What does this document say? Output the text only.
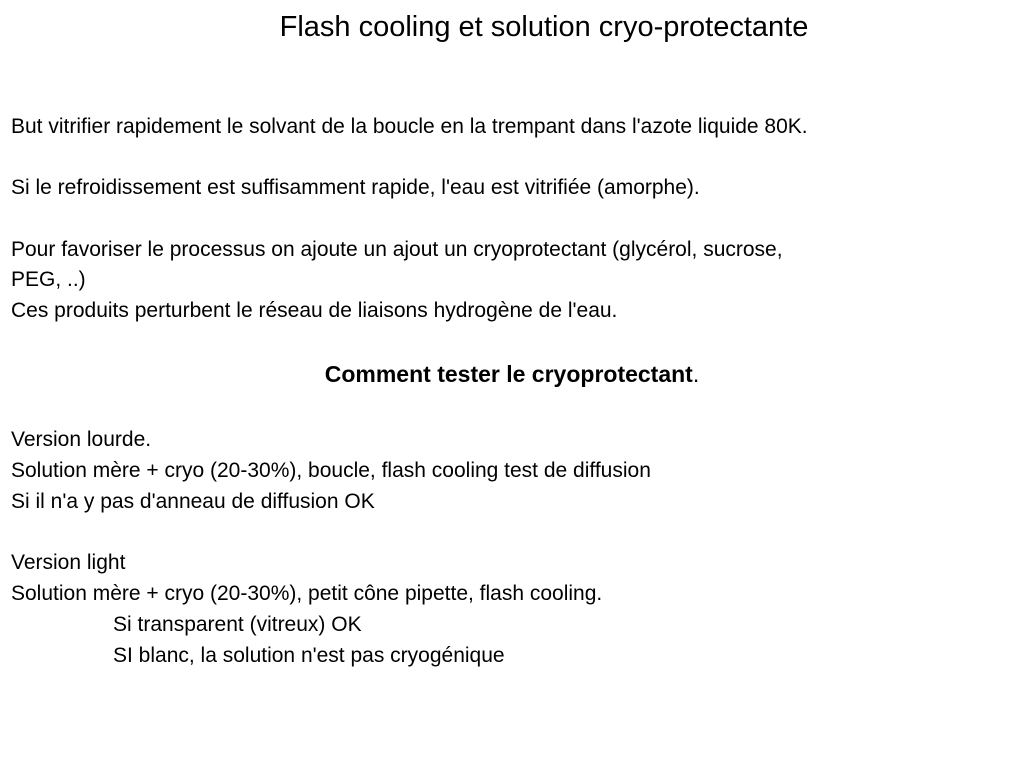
Flash cooling et solution cryo-protectante
But vitrifier rapidement le solvant de la boucle en la trempant dans l'azote liquide 80K.
Si le refroidissement est suffisamment rapide, l'eau est vitrifiée (amorphe).
Pour favoriser le processus on ajoute un ajout un cryoprotectant (glycérol, sucrose,
PEG, ..)
Ces produits perturbent le réseau de liaisons hydrogène de l'eau.
Comment tester le cryoprotectant.
Version lourde.
Solution mère + cryo (20-30%), boucle, flash cooling test de diffusion
Si il n'a y pas d'anneau de diffusion OK
Version light
Solution mère + cryo (20-30%), petit cône pipette, flash cooling.
Si transparent (vitreux) OK
SI blanc, la solution n'est pas cryogénique
